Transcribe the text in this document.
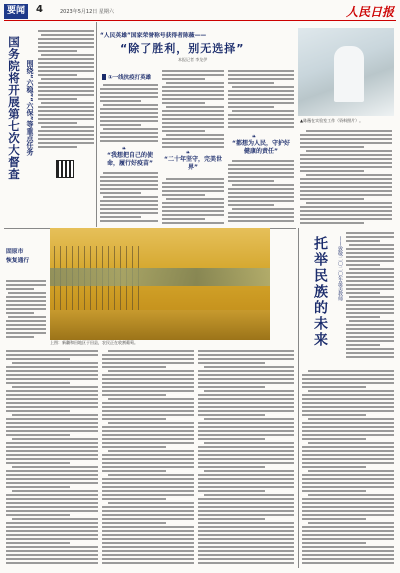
要闻	4	2023年5月12日 星期六	人民日报
国务院将开展第七次大督查 围绕“六稳”“六保”等重点任务
“人民英雄”国家荣誉称号获得者陈薇——
“除了胜利，别无选择”
本报记者 李龙伊
①一线抗疫打英雄
❝
“我想把自己的使命，履行好疫苗”
❝
“二十年坚守，完美世界”
❝
“都想为人民，守护好健康的责任”
▲陈薇在实验室工作（资料照片）。
固原市
恢复通行
上图：新疆和田地区于田县，农民正在收割葡萄。	托举民族的未来	——致敬二〇二〇年最美教师
